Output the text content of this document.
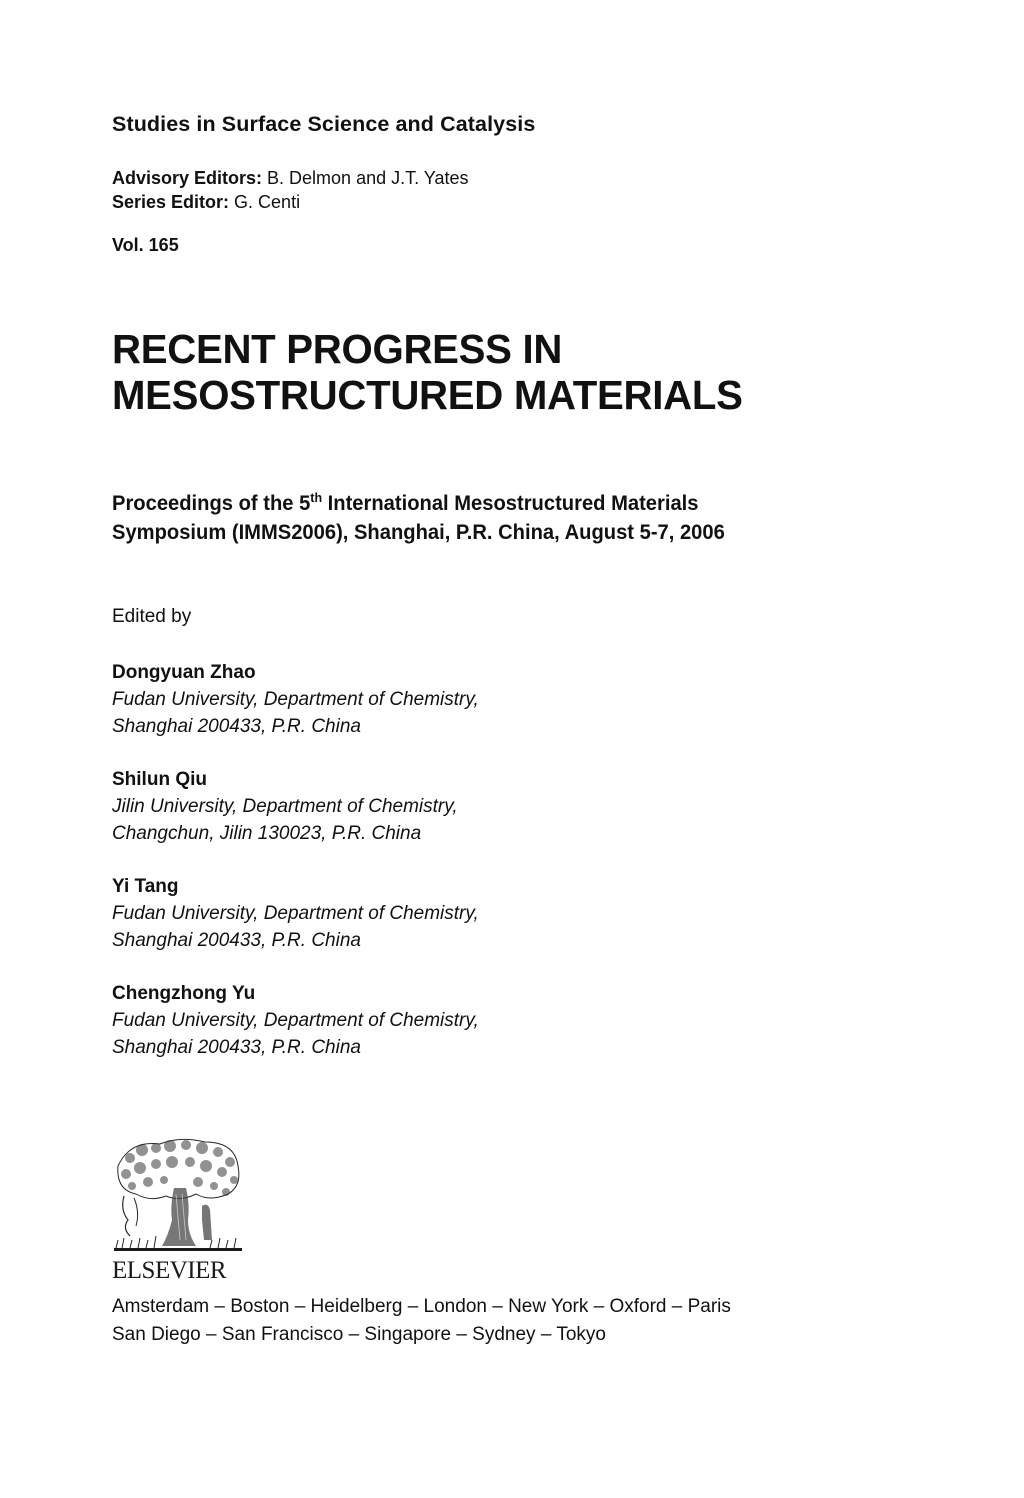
Studies in Surface Science and Catalysis
Advisory Editors: B. Delmon and J.T. Yates
Series Editor: G. Centi
Vol. 165
RECENT PROGRESS IN
MESOSTRUCTURED MATERIALS
Proceedings of the 5th International Mesostructured Materials
Symposium (IMMS2006), Shanghai, P.R. China, August 5-7, 2006
Edited by
Dongyuan Zhao
Fudan University, Department of Chemistry,
Shanghai 200433, P.R. China
Shilun Qiu
Jilin University, Department of Chemistry,
Changchun, Jilin 130023, P.R. China
Yi Tang
Fudan University, Department of Chemistry,
Shanghai 200433, P.R. China
Chengzhong Yu
Fudan University, Department of Chemistry,
Shanghai 200433, P.R. China
ELSEVIER
Amsterdam – Boston – Heidelberg – London – New York – Oxford – Paris
San Diego – San Francisco – Singapore – Sydney – Tokyo
